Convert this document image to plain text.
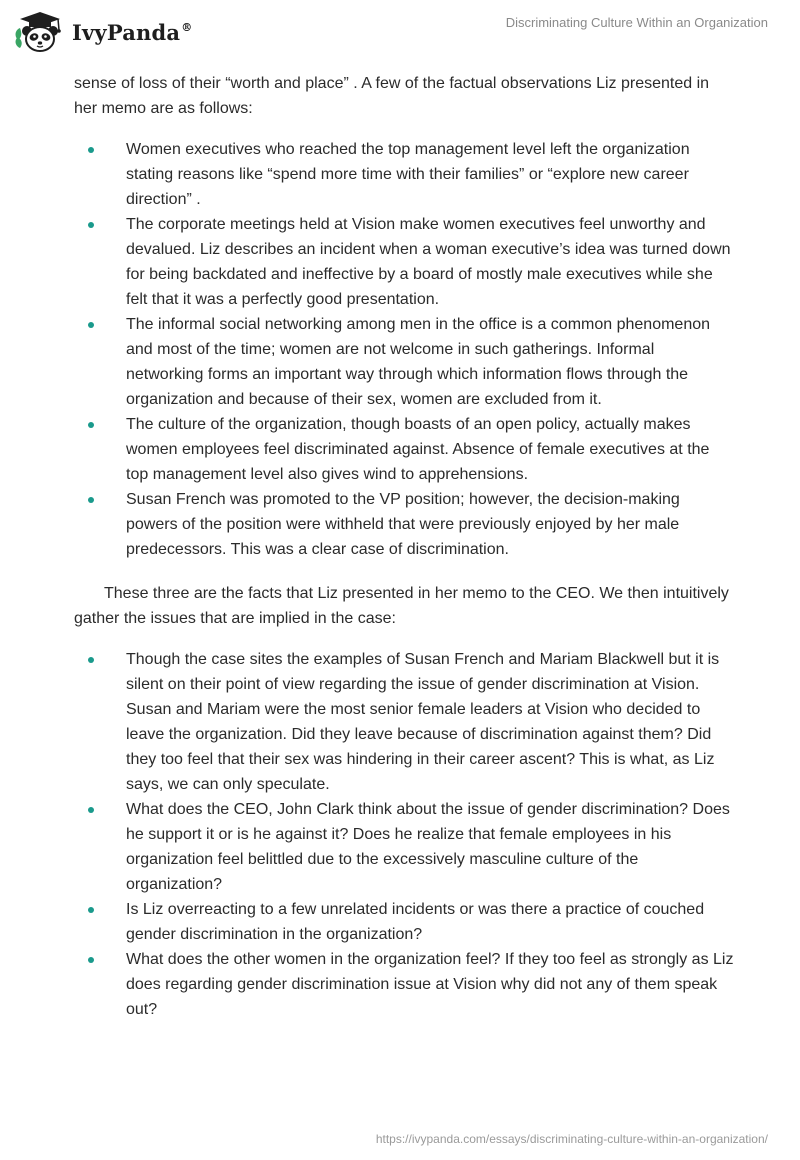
IvyPanda®	Discriminating Culture Within an Organization

sense of loss of their “worth and place” . A few of the factual observations Liz presented in her memo are as follows:

Women executives who reached the top management level left the organization stating reasons like “spend more time with their families” or “explore new career direction” .
The corporate meetings held at Vision make women executives feel unworthy and devalued. Liz describes an incident when a woman executive’s idea was turned down for being backdated and ineffective by a board of mostly male executives while she felt that it was a perfectly good presentation.
The informal social networking among men in the office is a common phenomenon and most of the time; women are not welcome in such gatherings. Informal networking forms an important way through which information flows through the organization and because of their sex, women are excluded from it.
The culture of the organization, though boasts of an open policy, actually makes women employees feel discriminated against. Absence of female executives at the top management level also gives wind to apprehensions.
Susan French was promoted to the VP position; however, the decision-making powers of the position were withheld that were previously enjoyed by her male predecessors. This was a clear case of discrimination.

These three are the facts that Liz presented in her memo to the CEO. We then intuitively gather the issues that are implied in the case:

Though the case sites the examples of Susan French and Mariam Blackwell but it is silent on their point of view regarding the issue of gender discrimination at Vision. Susan and Mariam were the most senior female leaders at Vision who decided to leave the organization. Did they leave because of discrimination against them? Did they too feel that their sex was hindering in their career ascent? This is what, as Liz says, we can only speculate.
What does the CEO, John Clark think about the issue of gender discrimination? Does he support it or is he against it? Does he realize that female employees in his organization feel belittled due to the excessively masculine culture of the organization?
Is Liz overreacting to a few unrelated incidents or was there a practice of couched gender discrimination in the organization?
What does the other women in the organization feel? If they too feel as strongly as Liz does regarding gender discrimination issue at Vision why did not any of them speak out?
https://ivypanda.com/essays/discriminating-culture-within-an-organization/
